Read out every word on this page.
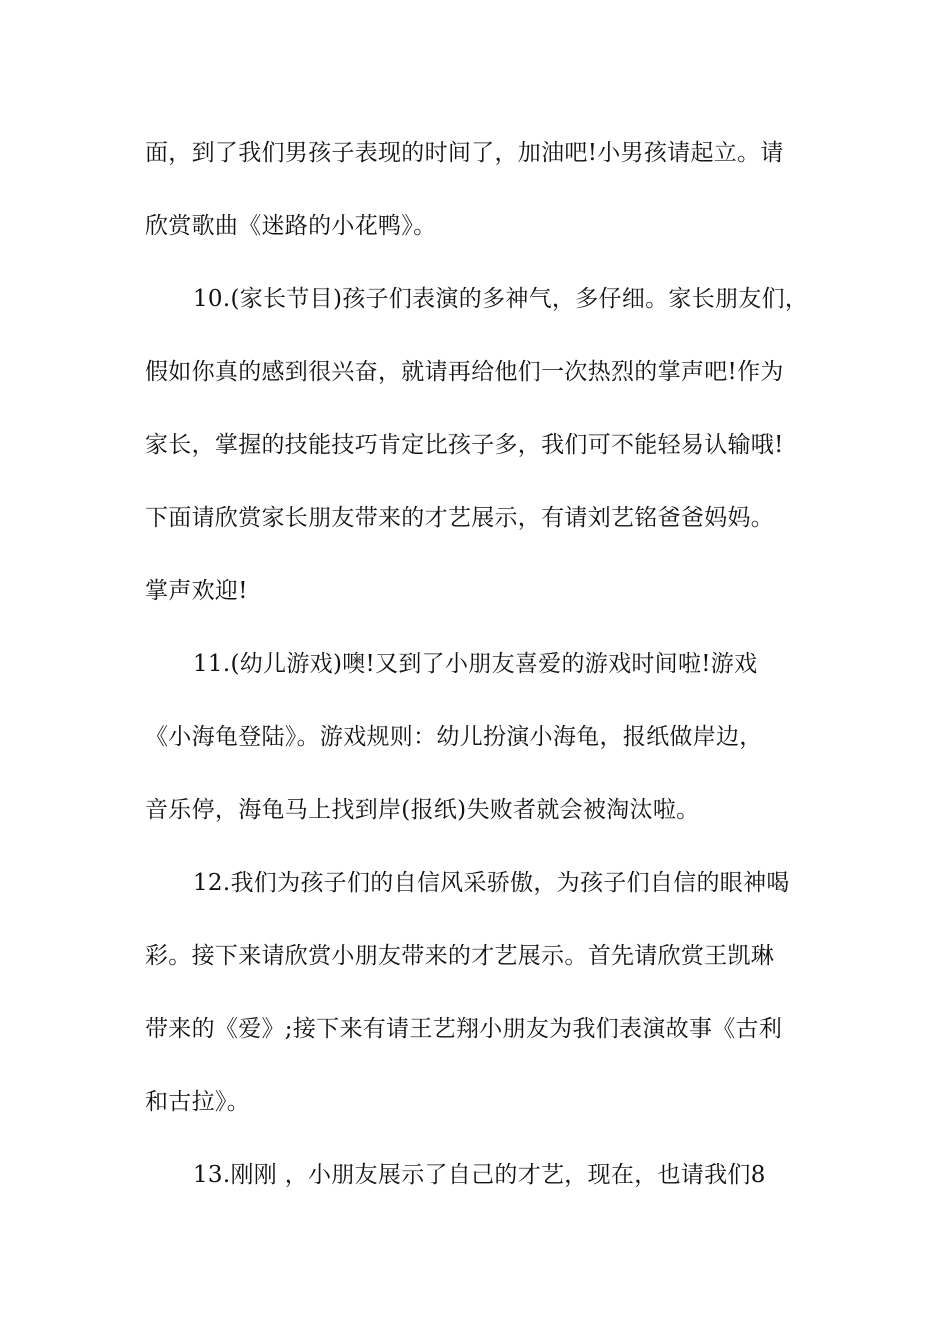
面，到了我们男孩子表现的时间了，加油吧!小男孩请起立。请
欣赏歌曲《迷路的小花鸭》。
10.(家长节目)孩子们表演的多神气，多仔细。家长朋友们，
假如你真的感到很兴奋，就请再给他们一次热烈的掌声吧!作为
家长，掌握的技能技巧肯定比孩子多，我们可不能轻易认输哦!
下面请欣赏家长朋友带来的才艺展示，有请刘艺铭爸爸妈妈。
掌声欢迎!
11.(幼儿游戏)噢!又到了小朋友喜爱的游戏时间啦!游戏
《小海龟登陆》。游戏规则：幼儿扮演小海龟，报纸做岸边，
音乐停，海龟马上找到岸(报纸)失败者就会被淘汰啦。
12.我们为孩子们的自信风采骄傲，为孩子们自信的眼神喝
彩。接下来请欣赏小朋友带来的才艺展示。首先请欣赏王凯琳
带来的《爱》;接下来有请王艺翔小朋友为我们表演故事《古利
和古拉》。
13.刚刚 ，小朋友展示了自己的才艺，现在，也请我们8
